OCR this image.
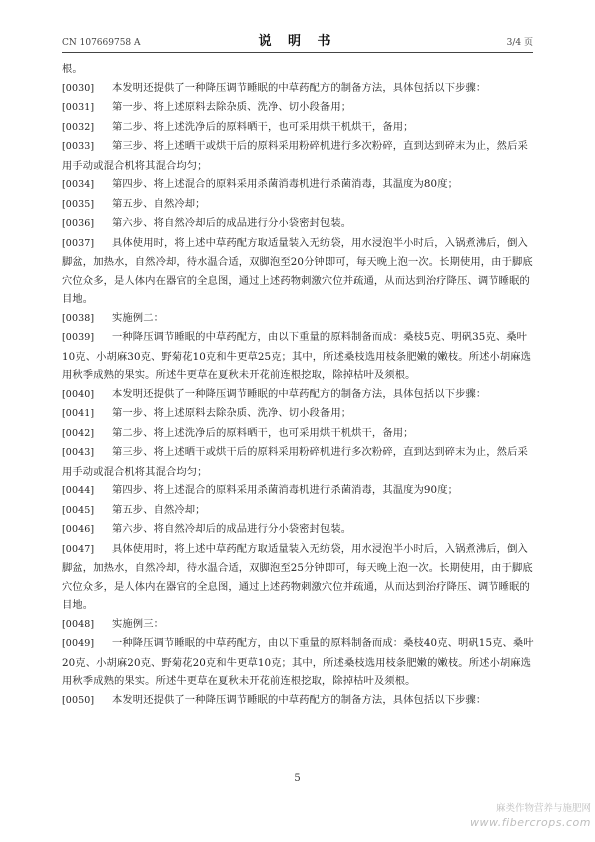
CN 107669758 A	说 明 书	3/4 页
根。
[0030] 本发明还提供了一种降压调节睡眠的中草药配方的制备方法，具体包括以下步骤：
[0031] 第一步、将上述原料去除杂质、洗净、切小段备用；
[0032] 第二步、将上述洗净后的原料晒干，也可采用烘干机烘干，备用；
[0033] 第三步、将上述晒干或烘干后的原料采用粉碎机进行多次粉碎，直到达到碎末为止，然后采用手动或混合机将其混合均匀；
[0034] 第四步、将上述混合的原料采用杀菌消毒机进行杀菌消毒，其温度为80度；
[0035] 第五步、自然冷却；
[0036] 第六步、将自然冷却后的成品进行分小袋密封包装。
[0037] 具体使用时，将上述中草药配方取适量装入无纺袋，用水浸泡半小时后，入锅煮沸后，倒入脚盆，加热水，自然冷却，待水温合适，双脚泡至20分钟即可，每天晚上泡一次。长期使用，由于脚底穴位众多，是人体内在器官的全息图，通过上述药物刺激穴位并疏通，从而达到治疗降压、调节睡眠的目地。
[0038] 实施例二：
[0039] 一种降压调节睡眠的中草药配方，由以下重量的原料制备而成：桑枝5克、明矾35克、桑叶10克、小胡麻30克、野菊花10克和牛更草25克；其中，所述桑枝选用枝条肥嫩的嫩枝。所述小胡麻选用秋季成熟的果实。所述牛更草在夏秋未开花前连根挖取，除掉枯叶及须根。
[0040] 本发明还提供了一种降压调节睡眠的中草药配方的制备方法，具体包括以下步骤：
[0041] 第一步、将上述原料去除杂质、洗净、切小段备用；
[0042] 第二步、将上述洗净后的原料晒干，也可采用烘干机烘干，备用；
[0043] 第三步、将上述晒干或烘干后的原料采用粉碎机进行多次粉碎，直到达到碎末为止，然后采用手动或混合机将其混合均匀；
[0044] 第四步、将上述混合的原料采用杀菌消毒机进行杀菌消毒，其温度为90度；
[0045] 第五步、自然冷却；
[0046] 第六步、将自然冷却后的成品进行分小袋密封包装。
[0047] 具体使用时，将上述中草药配方取适量装入无纺袋，用水浸泡半小时后，入锅煮沸后，倒入脚盆，加热水，自然冷却，待水温合适，双脚泡至25分钟即可，每天晚上泡一次。长期使用，由于脚底穴位众多，是人体内在器官的全息图，通过上述药物刺激穴位并疏通，从而达到治疗降压、调节睡眠的目地。
[0048] 实施例三：
[0049] 一种降压调节睡眠的中草药配方，由以下重量的原料制备而成：桑枝40克、明矾15克、桑叶20克、小胡麻20克、野菊花20克和牛更草10克；其中，所述桑枝选用枝条肥嫩的嫩枝。所述小胡麻选用秋季成熟的果实。所述牛更草在夏秋未开花前连根挖取，除掉枯叶及须根。
[0050] 本发明还提供了一种降压调节睡眠的中草药配方的制备方法，具体包括以下步骤：
5
麻类作物营养与施肥网
www.fibercrops.com
